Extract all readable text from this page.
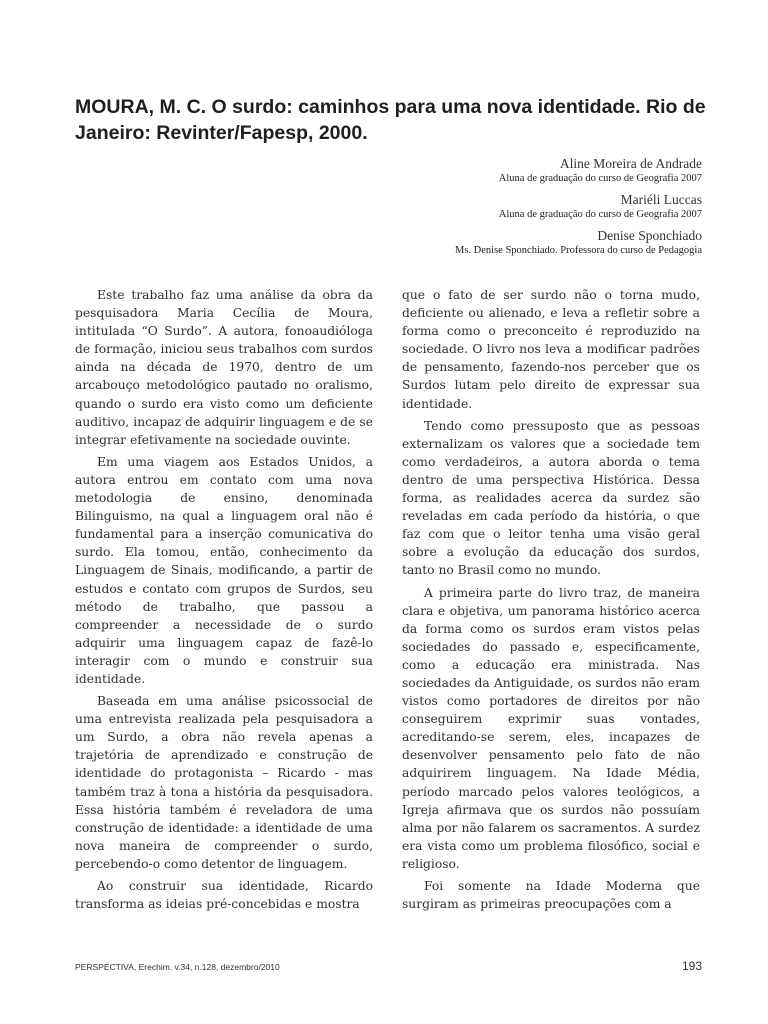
MOURA, M. C. O surdo: caminhos para uma nova identidade. Rio de Janeiro: Revinter/Fapesp, 2000.
Aline Moreira de Andrade
Aluna de graduação do curso de Geografia 2007
Mariéli Luccas
Aluna de graduação do curso de Geografia 2007
Denise Sponchiado
Ms. Denise Sponchiado. Professora do curso de Pedagogia

Este trabalho faz uma análise da obra da pesquisadora Maria Cecília de Moura, intitulada “O Surdo”. A autora, fonoaudióloga de formação, iniciou seus trabalhos com surdos ainda na década de 1970, dentro de um arcabouço metodológico pautado no oralismo, quando o surdo era visto como um deficiente auditivo, incapaz de adquirir linguagem e de se integrar efetivamente na sociedade ouvinte.

Em uma viagem aos Estados Unidos, a autora entrou em contato com uma nova metodologia de ensino, denominada Bilinguismo, na qual a linguagem oral não é fundamental para a inserção comunicativa do surdo. Ela tomou, então, conhecimento da Linguagem de Sinais, modificando, a partir de estudos e contato com grupos de Surdos, seu método de trabalho, que passou a compreender a necessidade de o surdo adquirir uma linguagem capaz de fazê-lo interagir com o mundo e construir sua identidade.

Baseada em uma análise psicossocial de uma entrevista realizada pela pesquisadora a um Surdo, a obra não revela apenas a trajetória de aprendizado e construção de identidade do protagonista – Ricardo - mas também traz à tona a história da pesquisadora. Essa história também é reveladora de uma construção de identidade: a identidade de uma nova maneira de compreender o surdo, percebendo-o como detentor de linguagem.

Ao construir sua identidade, Ricardo transforma as ideias pré-concebidas e mostra

que o fato de ser surdo não o torna mudo, deficiente ou alienado, e leva a refletir sobre a forma como o preconceito é reproduzido na sociedade. O livro nos leva a modificar padrões de pensamento, fazendo-nos perceber que os Surdos lutam pelo direito de expressar sua identidade.

Tendo como pressuposto que as pessoas externalizam os valores que a sociedade tem como verdadeiros, a autora aborda o tema dentro de uma perspectiva Histórica. Dessa forma, as realidades acerca da surdez são reveladas em cada período da história, o que faz com que o leitor tenha uma visão geral sobre a evolução da educação dos surdos, tanto no Brasil como no mundo.

A primeira parte do livro traz, de maneira clara e objetiva, um panorama histórico acerca da forma como os surdos eram vistos pelas sociedades do passado e, especificamente, como a educação era ministrada. Nas sociedades da Antiguidade, os surdos não eram vistos como portadores de direitos por não conseguirem exprimir suas vontades, acreditando-se serem, eles, incapazes de desenvolver pensamento pelo fato de não adquirirem linguagem. Na Idade Média, período marcado pelos valores teológicos, a Igreja afirmava que os surdos não possuíam alma por não falarem os sacramentos. A surdez era vista como um problema filosófico, social e religioso.

Foi somente na Idade Moderna que surgiram as primeiras preocupações com a

PERSPECTIVA, Erechim. v.34, n.128, dezembro/2010	193
